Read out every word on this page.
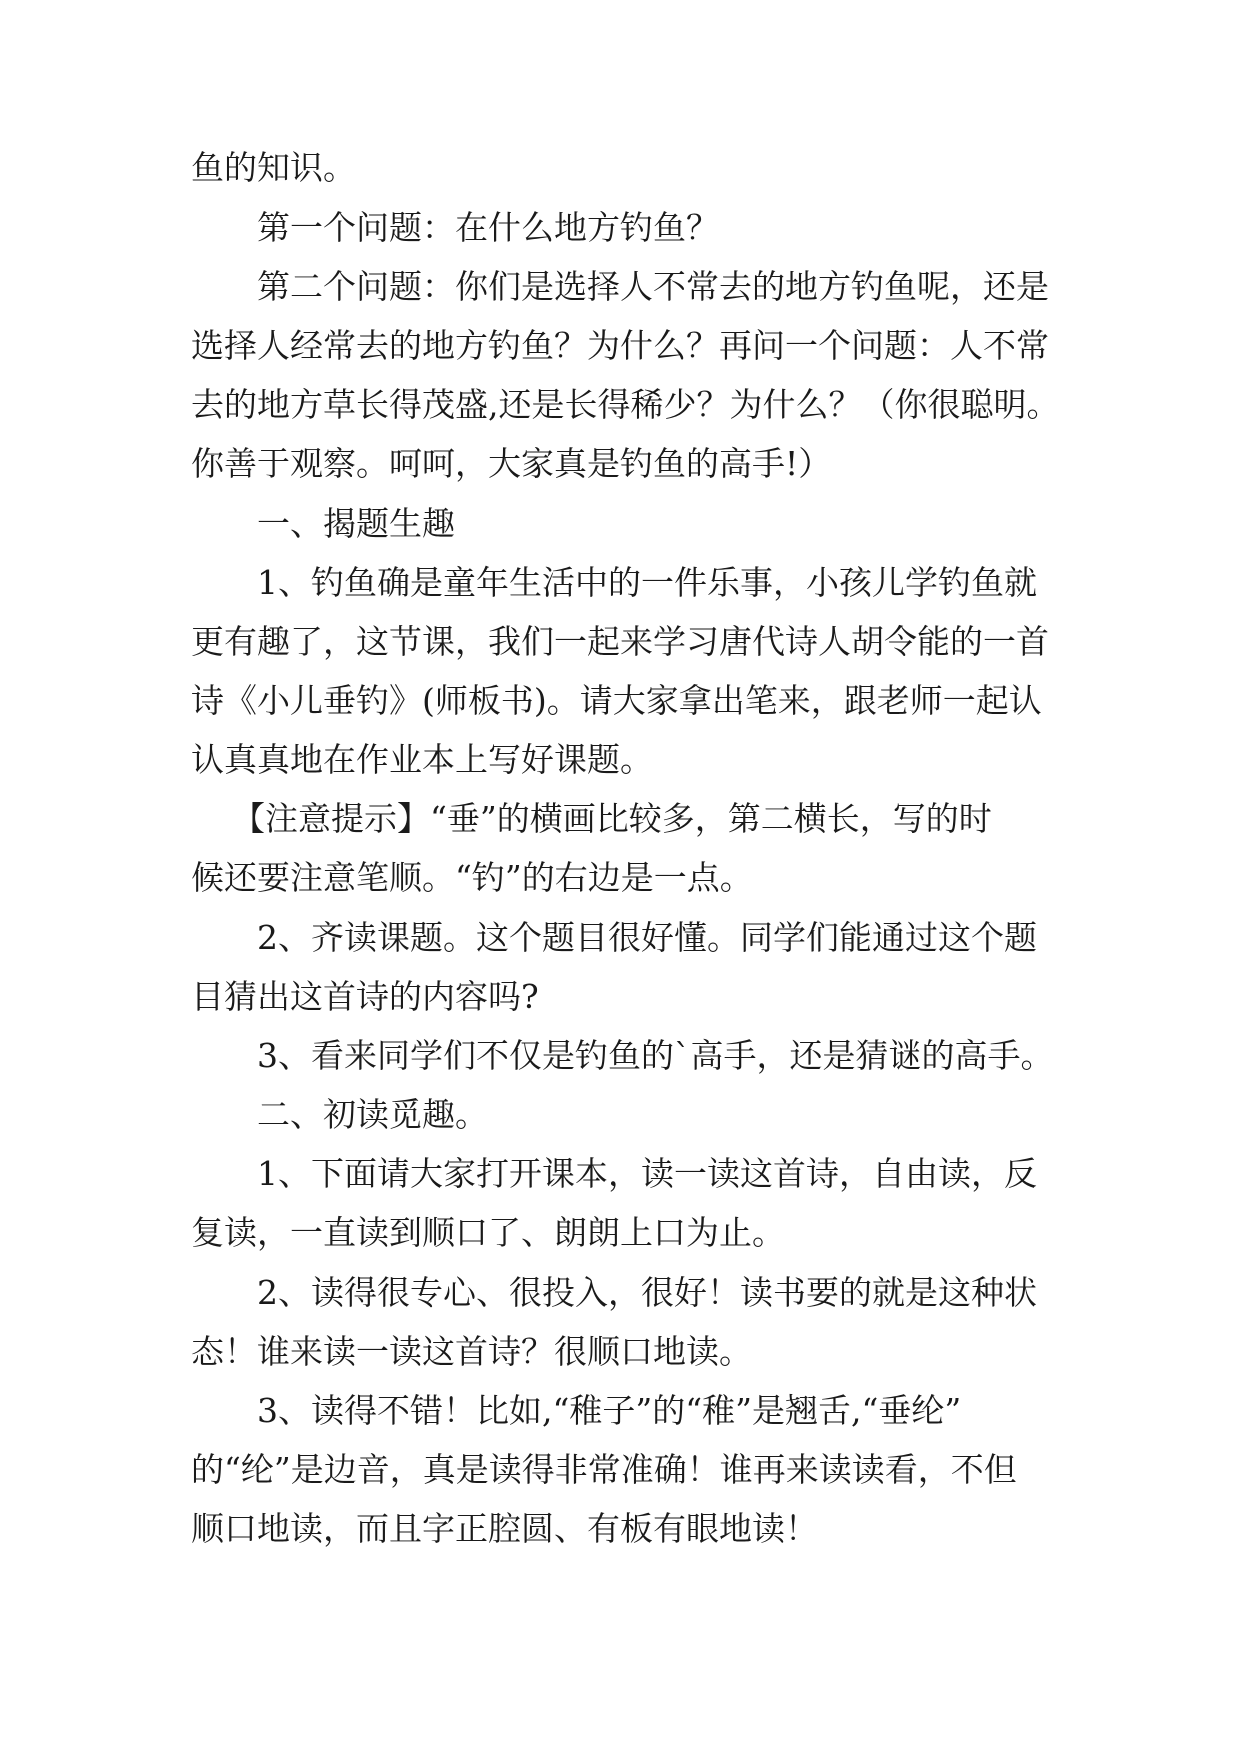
鱼的知识。
第一个问题：在什么地方钓鱼？
第二个问题：你们是选择人不常去的地方钓鱼呢，还是
选择人经常去的地方钓鱼？为什么？再问一个问题：人不常
去的地方草长得茂盛,还是长得稀少？为什么？（你很聪明。
你善于观察。呵呵，大家真是钓鱼的高手!）
一、揭题生趣
1、钓鱼确是童年生活中的一件乐事，小孩儿学钓鱼就
更有趣了，这节课，我们一起来学习唐代诗人胡令能的一首
诗《小儿垂钓》(师板书)。请大家拿出笔来，跟老师一起认
认真真地在作业本上写好课题。
【注意提示】“垂”的横画比较多，第二横长，写的时
候还要注意笔顺。“钓”的右边是一点。
2、齐读课题。这个题目很好懂。同学们能通过这个题
目猜出这首诗的内容吗?
3、看来同学们不仅是钓鱼的`高手，还是猜谜的高手。
二、初读觅趣。
1、下面请大家打开课本，读一读这首诗，自由读，反
复读，一直读到顺口了、朗朗上口为止。
2、读得很专心、很投入，很好！读书要的就是这种状
态！谁来读一读这首诗？很顺口地读。
3、读得不错！比如,“稚子”的“稚”是翘舌,“垂纶”
的“纶”是边音，真是读得非常准确！谁再来读读看，不但
顺口地读，而且字正腔圆、有板有眼地读！
